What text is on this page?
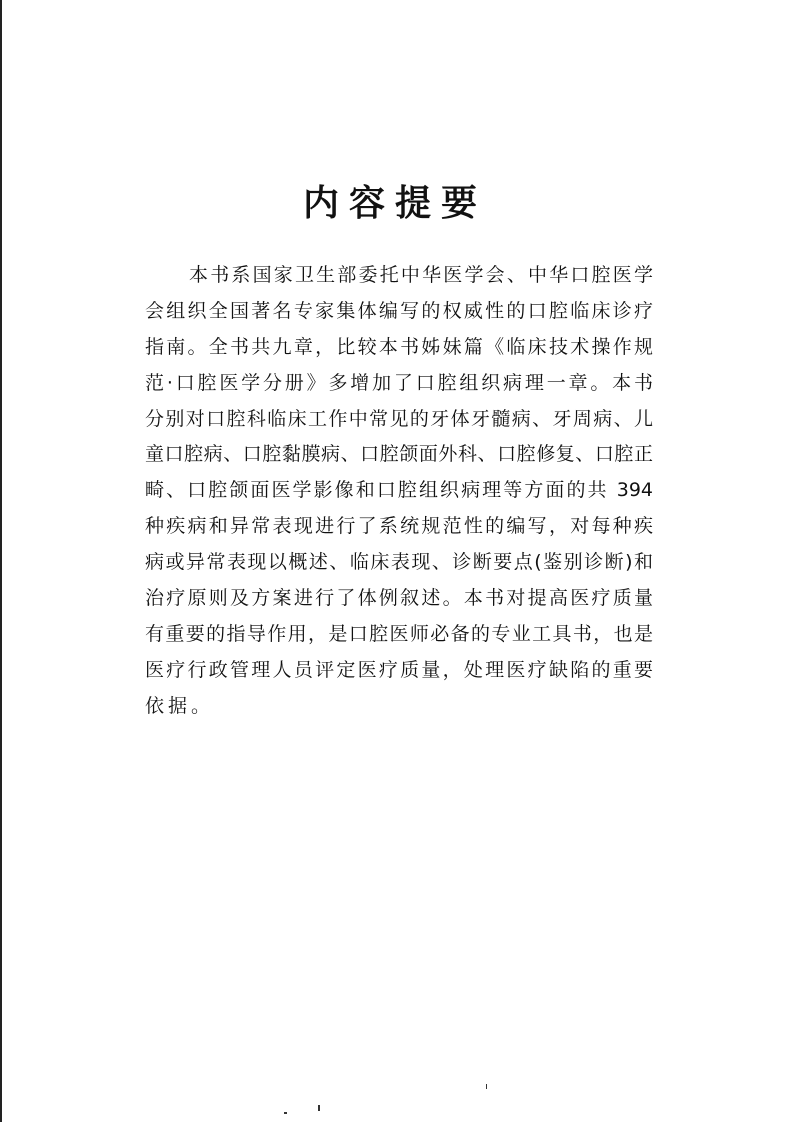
内容提要
本书系国家卫生部委托中华医学会、中华口腔医学
会组织全国著名专家集体编写的权威性的口腔临床诊疗
指南。全书共九章，比较本书姊妹篇《临床技术操作规
范·口腔医学分册》多增加了口腔组织病理一章。本书
分别对口腔科临床工作中常见的牙体牙髓病、牙周病、儿
童口腔病、口腔黏膜病、口腔颌面外科、口腔修复、口腔正
畸、口腔颌面医学影像和口腔组织病理等方面的共 394
种疾病和异常表现进行了系统规范性的编写，对每种疾
病或异常表现以概述、临床表现、诊断要点(鉴别诊断)和
治疗原则及方案进行了体例叙述。本书对提高医疗质量
有重要的指导作用，是口腔医师必备的专业工具书，也是
医疗行政管理人员评定医疗质量，处理医疗缺陷的重要
依据。
